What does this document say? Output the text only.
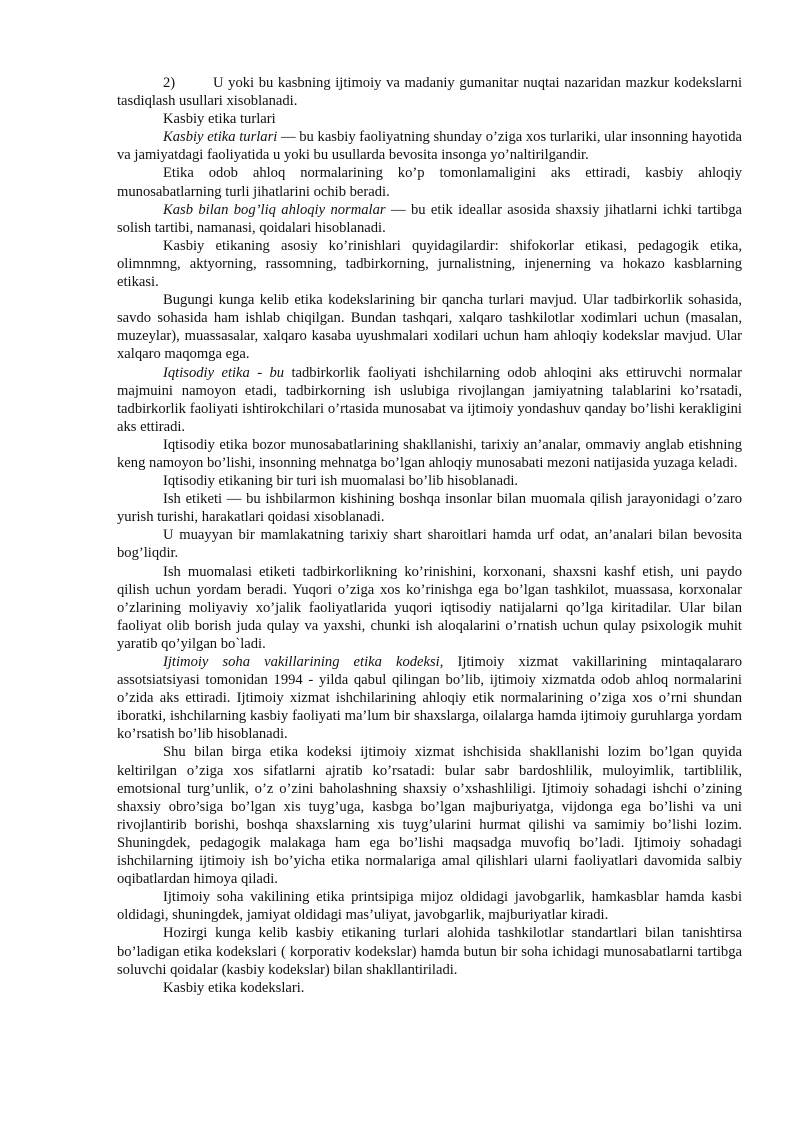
2)	U yoki bu kasbning ijtimoiy va madaniy gumanitar nuqtai nazaridan mazkur kodekslarni tasdiqlash usullari xisoblanadi.

Kasbiy etika turlari

Kasbiy etika turlari — bu kasbiy faoliyatning shunday o’ziga xos turlariki, ular insonning hayotida va jamiyatdagi faoliyatida u yoki bu usullarda bevosita insonga yo’naltirilgandir.

Etika odob ahloq normalarining ko’p tomonlamaligini aks ettiradi, kasbiy ahloqiy munosabatlarning turli jihatlarini ochib beradi.

Kasb bilan bog’liq ahloqiy normalar — bu etik ideallar asosida shaxsiy jihatlarni ichki tartibga solish tartibi, namanasi, qoidalari hisoblanadi.

Kasbiy etikaning asosiy ko’rinishlari quyidagilardir: shifokorlar etikasi, pedagogik etika, olimnmng, aktyorning, rassomning, tadbirkorning, jurnalistning, injenerning va hokazo kasblarning etikasi.

Bugungi kunga kelib etika kodekslarining bir qancha turlari mavjud. Ular tadbirkorlik sohasida, savdo sohasida ham ishlab chiqilgan. Bundan tashqari, xalqaro tashkilotlar xodimlari uchun (masalan, muzeylar), muassasalar, xalqaro kasaba uyushmalari xodilari uchun ham ahloqiy kodekslar mavjud. Ular xalqaro maqomga ega.

Iqtisodiy etika - bu tadbirkorlik faoliyati ishchilarning odob ahloqini aks ettiruvchi normalar majmuini namoyon etadi, tadbirkorning ish uslubiga rivojlangan jamiyatning talablarini ko’rsatadi, tadbirkorlik faoliyati ishtirokchilari o’rtasida munosabat va ijtimoiy yondashuv qanday bo’lishi kerakligini aks ettiradi.

Iqtisodiy etika bozor munosabatlarining shakllanishi, tarixiy an’analar, ommaviy anglab etishning keng namoyon bo’lishi, insonning mehnatga bo’lgan ahloqiy munosabati mezoni natijasida yuzaga keladi.

Iqtisodiy etikaning bir turi ish muomalasi bo’lib hisoblanadi.

Ish etiketi — bu ishbilarmon kishining boshqa insonlar bilan muomala qilish jarayonidagi o’zaro yurish turishi, harakatlari qoidasi xisoblanadi.

U muayyan bir mamlakatning tarixiy shart sharoitlari hamda urf odat, an’analari bilan bevosita bog’liqdir.

Ish muomalasi etiketi tadbirkorlikning ko’rinishini, korxonani, shaxsni kashf etish, uni paydo qilish uchun yordam beradi. Yuqori o’ziga xos ko’rinishga ega bo’lgan tashkilot, muassasa, korxonalar o’zlarining moliyaviy xo’jalik faoliyatlarida yuqori iqtisodiy natijalarni qo’lga kiritadilar. Ular bilan faoliyat olib borish juda qulay va yaxshi, chunki ish aloqalarini o’rnatish uchun qulay psixologik muhit yaratib qo’yilgan bo`ladi.

Ijtimoiy soha vakillarining etika kodeksi, Ijtimoiy xizmat vakillarining mintaqalararo assotsiatsiyasi tomonidan 1994 - yilda qabul qilingan bo’lib, ijtimoiy xizmatda odob ahloq normalarini o’zida aks ettiradi. Ijtimoiy xizmat ishchilarining ahloqiy etik normalarining o’ziga xos o’rni shundan iboratki, ishchilarning kasbiy faoliyati ma’lum bir shaxslarga, oilalarga hamda ijtimoiy guruhlarga yordam ko’rsatish bo’lib hisoblanadi.

Shu bilan birga etika kodeksi ijtimoiy xizmat ishchisida shakllanishi lozim bo’lgan quyida keltirilgan o’ziga xos sifatlarni ajratib ko’rsatadi: bular sabr bardoshlilik, muloyimlik, tartiblilik, emotsional turg’unlik, o’z o’zini baholashning shaxsiy o’xshashliligi. Ijtimoiy sohadagi ishchi o’zining shaxsiy obro’siga bo’lgan xis tuyg’uga, kasbga bo’lgan majburiyatga, vijdonga ega bo’lishi va uni rivojlantirib borishi, boshqa shaxslarning xis tuyg’ularini hurmat qilishi va samimiy bo’lishi lozim. Shuningdek, pedagogik malakaga ham ega bo’lishi maqsadga muvofiq bo’ladi. Ijtimoiy sohadagi ishchilarning ijtimoiy ish bo’yicha etika normalariga amal qilishlari ularni faoliyatlari davomida salbiy oqibatlardan himoya qiladi.

Ijtimoiy soha vakilining etika printsipiga mijoz oldidagi javobgarlik, hamkasblar hamda kasbi oldidagi, shuningdek, jamiyat oldidagi mas’uliyat, javobgarlik, majburiyatlar kiradi.

Hozirgi kunga kelib kasbiy etikaning turlari alohida tashkilotlar standartlari bilan tanishtirsa bo’ladigan etika kodekslari ( korporativ kodekslar) hamda butun bir soha ichidagi munosabatlarni tartibga soluvchi qoidalar (kasbiy kodekslar) bilan shakllantiriladi.

Kasbiy etika kodekslari.
